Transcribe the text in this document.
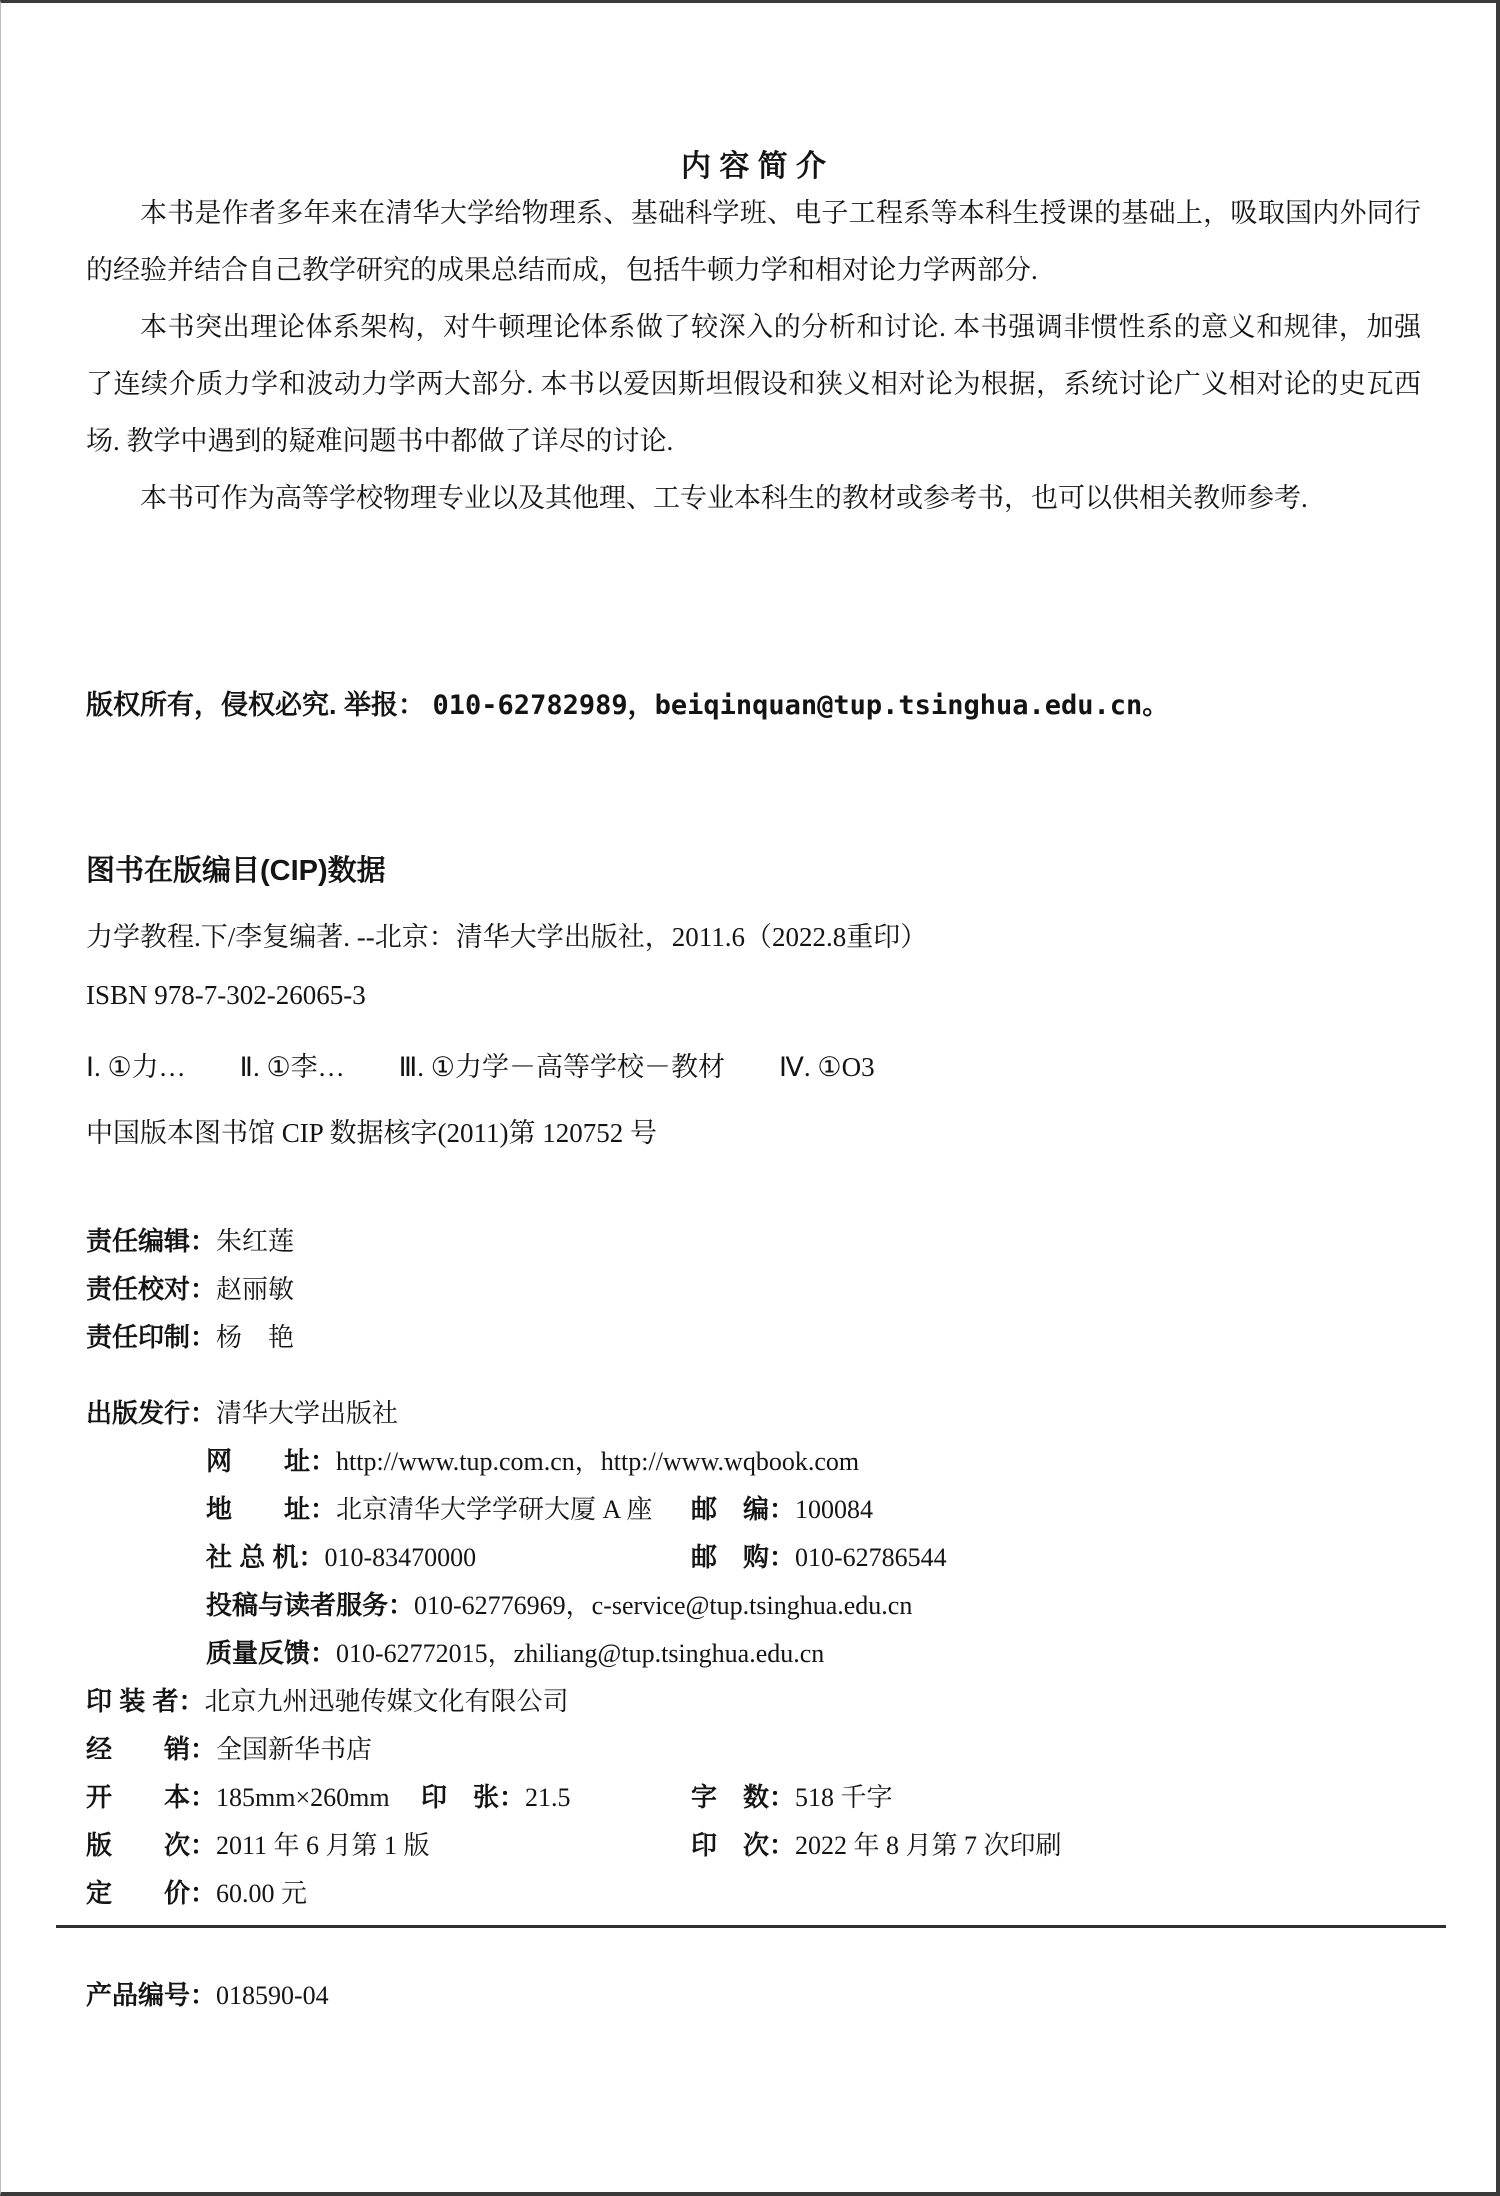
内 容 简 介

本书是作者多年来在清华大学给物理系、基础科学班、电子工程系等本科生授课的基础上，吸取国内外同行的经验并结合自己教学研究的成果总结而成，包括牛顿力学和相对论力学两部分.

本书突出理论体系架构，对牛顿理论体系做了较深入的分析和讨论. 本书强调非惯性系的意义和规律，加强了连续介质力学和波动力学两大部分. 本书以爱因斯坦假设和狭义相对论为根据，系统讨论广义相对论的史瓦西场. 教学中遇到的疑难问题书中都做了详尽的讨论.

本书可作为高等学校物理专业以及其他理、工专业本科生的教材或参考书，也可以供相关教师参考.

版权所有，侵权必究. 举报： 010-62782989，beiqinquan@tup.tsinghua.edu.cn。
图书在版编目(CIP)数据
力学教程.下/李复编著. --北京：清华大学出版社，2011.6（2022.8重印）
ISBN 978-7-302-26065-3
Ⅰ. ①力…　　Ⅱ. ①李…　　Ⅲ. ①力学－高等学校－教材　　Ⅳ. ①O3
中国版本图书馆 CIP 数据核字(2011)第 120752 号
责任编辑：朱红莲
责任校对：赵丽敏
责任印制：杨　艳
出版发行：清华大学出版社
网　　址：http://www.tup.com.cn，http://www.wqbook.com
地　　址：北京清华大学学研大厦 A 座 邮　编：100084
社 总 机：010-83470000	邮　购：010-62786544
投稿与读者服务：010-62776969，c-service@tup.tsinghua.edu.cn
质量反馈：010-62772015，zhiliang@tup.tsinghua.edu.cn
印 装 者：北京九州迅驰传媒文化有限公司
经　　销：全国新华书店
开　　本：185mm×260mm 印　张：21.5	字　数：518 千字
版　　次：2011 年 6 月第 1 版	印　次：2022 年 8 月第 7 次印刷
定　　价：60.00 元
产品编号：018590-04
